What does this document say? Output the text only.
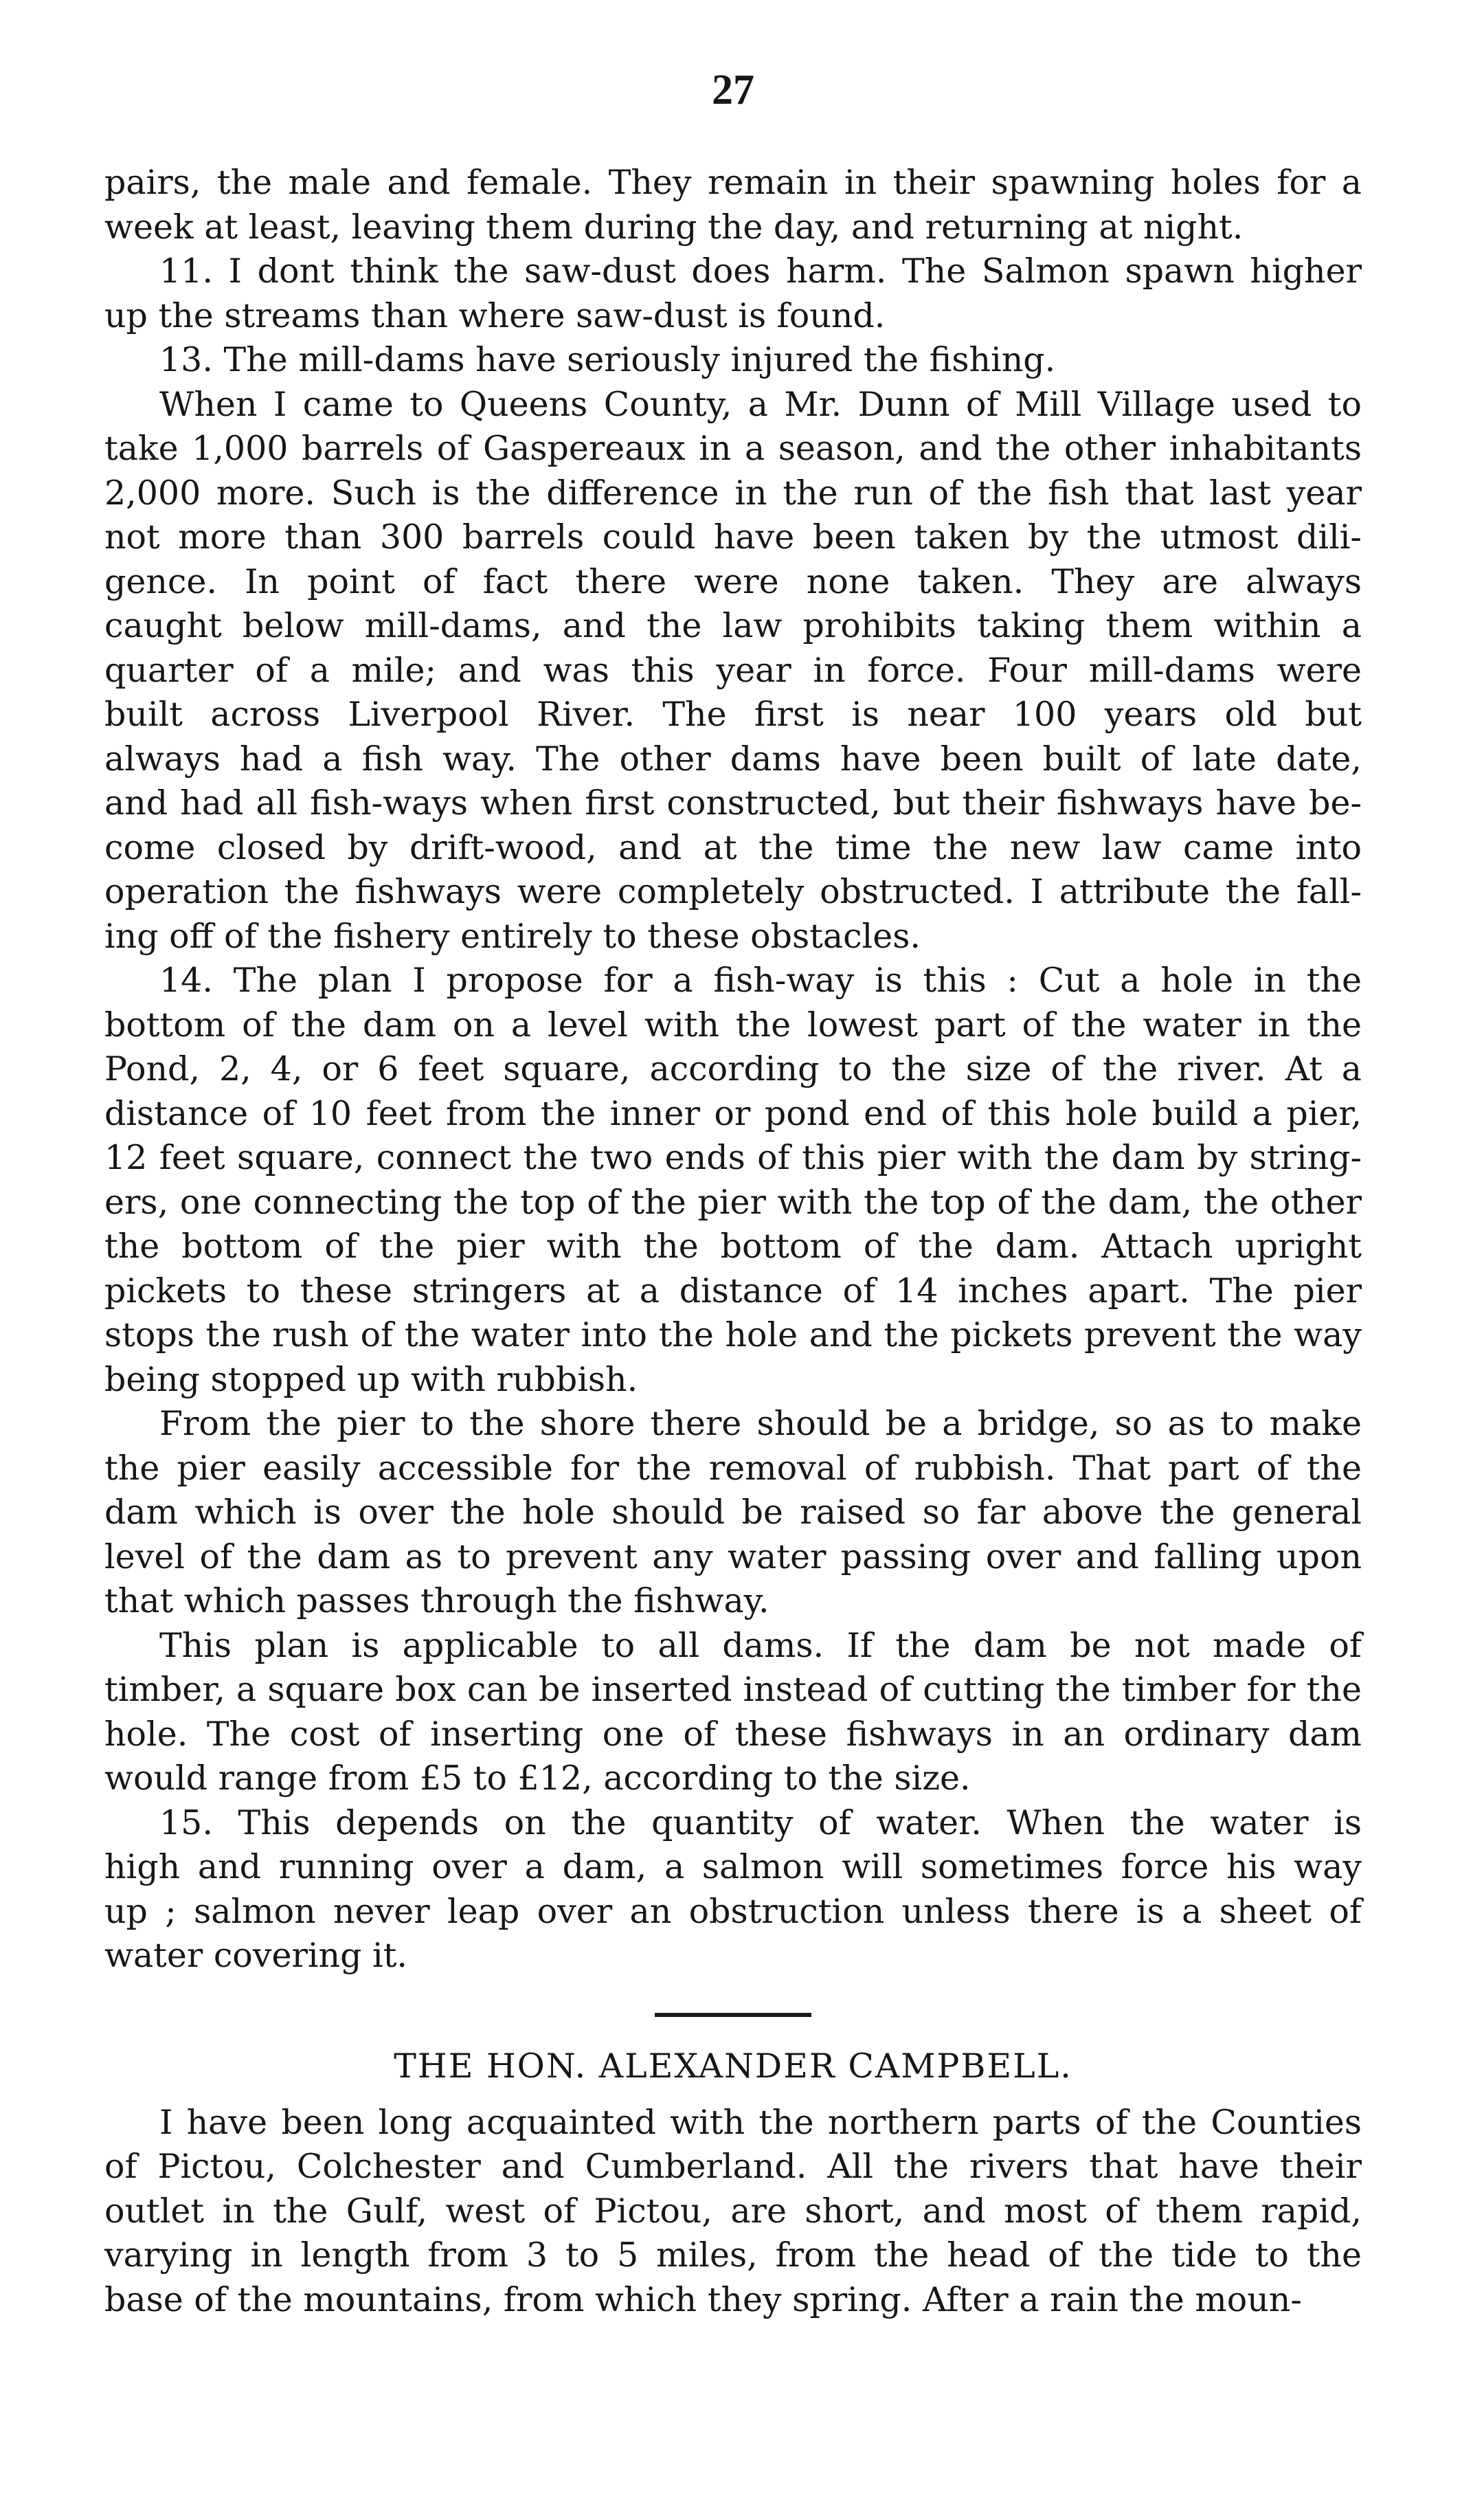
27
pairs, the male and female. They remain in their spawning holes for a
week at least, leaving them during the day, and returning at night.
11. I dont think the saw-dust does harm. The Salmon spawn higher
up the streams than where saw-dust is found.
13. The mill-dams have seriously injured the fishing.
When I came to Queens County, a Mr. Dunn of Mill Village used to
take 1,000 barrels of Gaspereaux in a season, and the other inhabitants
2,000 more. Such is the difference in the run of the fish that last year
not more than 300 barrels could have been taken by the utmost dili-
gence. In point of fact there were none taken. They are always
caught below mill-dams, and the law prohibits taking them within a
quarter of a mile; and was this year in force. Four mill-dams were
built across Liverpool River. The first is near 100 years old but
always had a fish way. The other dams have been built of late date,
and had all fish-ways when first constructed, but their fishways have be-
come closed by drift-wood, and at the time the new law came into
operation the fishways were completely obstructed. I attribute the fall-
ing off of the fishery entirely to these obstacles.
14. The plan I propose for a fish-way is this : Cut a hole in the
bottom of the dam on a level with the lowest part of the water in the
Pond, 2, 4, or 6 feet square, according to the size of the river. At a
distance of 10 feet from the inner or pond end of this hole build a pier,
12 feet square, connect the two ends of this pier with the dam by string-
ers, one connecting the top of the pier with the top of the dam, the other
the bottom of the pier with the bottom of the dam. Attach upright
pickets to these stringers at a distance of 14 inches apart. The pier
stops the rush of the water into the hole and the pickets prevent the way
being stopped up with rubbish.
From the pier to the shore there should be a bridge, so as to make
the pier easily accessible for the removal of rubbish. That part of the
dam which is over the hole should be raised so far above the general
level of the dam as to prevent any water passing over and falling upon
that which passes through the fishway.
This plan is applicable to all dams. If the dam be not made of
timber, a square box can be inserted instead of cutting the timber for the
hole. The cost of inserting one of these fishways in an ordinary dam
would range from £5 to £12, according to the size.
15. This depends on the quantity of water. When the water is
high and running over a dam, a salmon will sometimes force his way
up ; salmon never leap over an obstruction unless there is a sheet of
water covering it.
THE HON. ALEXANDER CAMPBELL.
I have been long acquainted with the northern parts of the Counties
of Pictou, Colchester and Cumberland. All the rivers that have their
outlet in the Gulf, west of Pictou, are short, and most of them rapid,
varying in length from 3 to 5 miles, from the head of the tide to the
base of the mountains, from which they spring. After a rain the moun-
